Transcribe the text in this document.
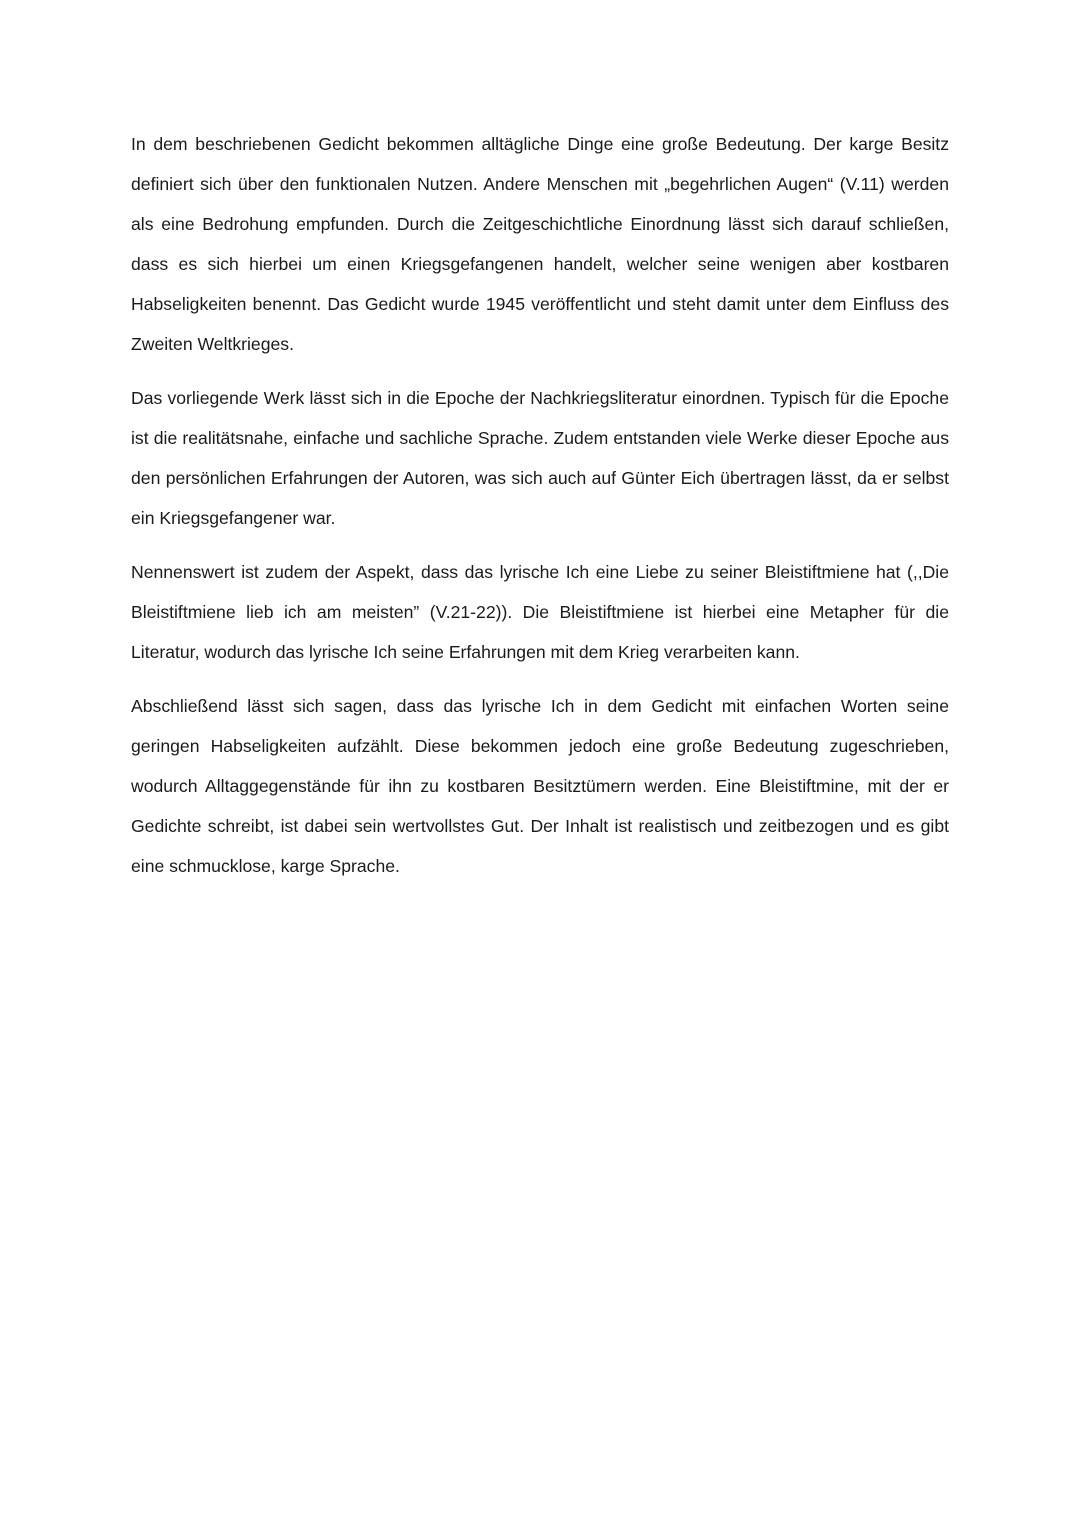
In dem beschriebenen Gedicht bekommen alltägliche Dinge eine große Bedeutung. Der karge Besitz definiert sich über den funktionalen Nutzen. Andere Menschen mit „begehrlichen Augen“ (V.11) werden als eine Bedrohung empfunden. Durch die Zeitgeschichtliche Einordnung lässt sich darauf schließen, dass es sich hierbei um einen Kriegsgefangenen handelt, welcher seine wenigen aber kostbaren Habseligkeiten benennt. Das Gedicht wurde 1945 veröffentlicht und steht damit unter dem Einfluss des Zweiten Weltkrieges.

Das vorliegende Werk lässt sich in die Epoche der Nachkriegsliteratur einordnen. Typisch für die Epoche ist die realitätsnahe, einfache und sachliche Sprache. Zudem entstanden viele Werke dieser Epoche aus den persönlichen Erfahrungen der Autoren, was sich auch auf Günter Eich übertragen lässt, da er selbst ein Kriegsgefangener war.

Nennenswert ist zudem der Aspekt, dass das lyrische Ich eine Liebe zu seiner Bleistiftmiene hat (,,Die Bleistiftmiene lieb ich am meisten” (V.21-22)). Die Bleistiftmiene ist hierbei eine Metapher für die Literatur, wodurch das lyrische Ich seine Erfahrungen mit dem Krieg verarbeiten kann.

Abschließend lässt sich sagen, dass das lyrische Ich in dem Gedicht mit einfachen Worten seine geringen Habseligkeiten aufzählt. Diese bekommen jedoch eine große Bedeutung zugeschrieben, wodurch Alltaggegenstände für ihn zu kostbaren Besitztümern werden. Eine Bleistiftmine, mit der er Gedichte schreibt, ist dabei sein wertvollstes Gut. Der Inhalt ist realistisch und zeitbezogen und es gibt eine schmucklose, karge Sprache.
